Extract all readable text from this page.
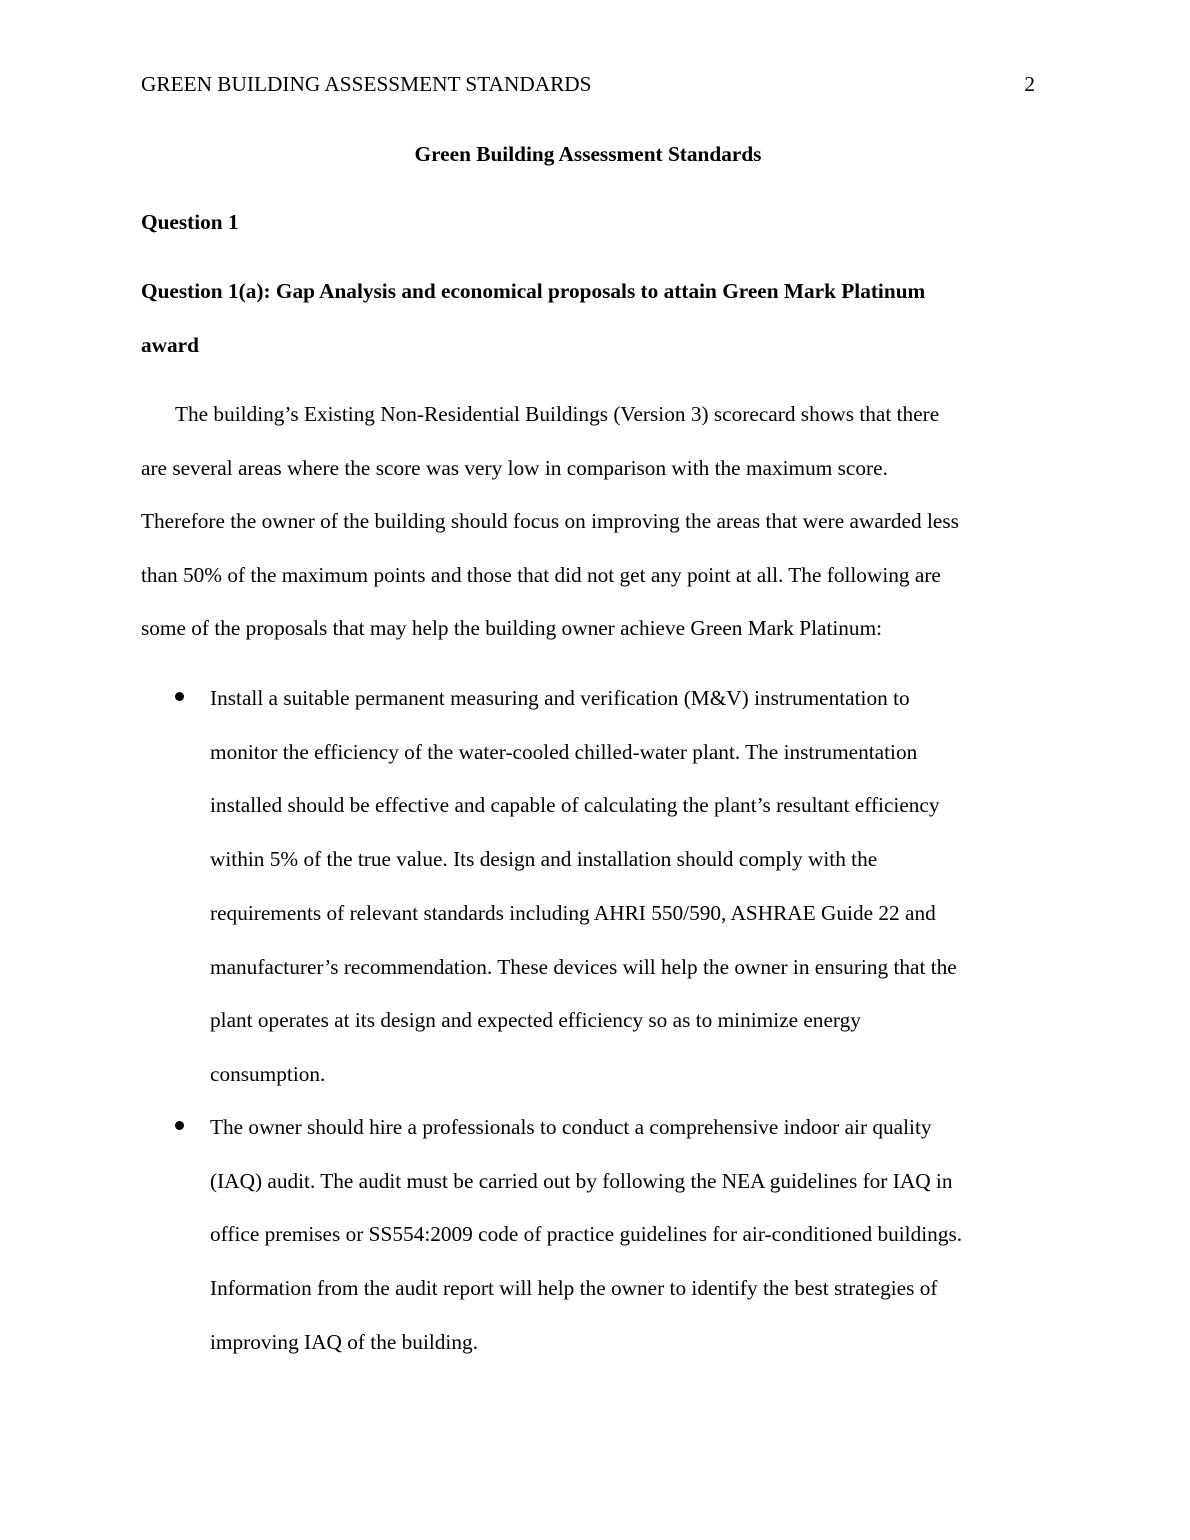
GREEN BUILDING ASSESSMENT STANDARDS	2
Green Building Assessment Standards
Question 1
Question 1(a): Gap Analysis and economical proposals to attain Green Mark Platinum
award

The building’s Existing Non-Residential Buildings (Version 3) scorecard shows that there
are several areas where the score was very low in comparison with the maximum score.
Therefore the owner of the building should focus on improving the areas that were awarded less
than 50% of the maximum points and those that did not get any point at all. The following are
some of the proposals that may help the building owner achieve Green Mark Platinum:

Install a suitable permanent measuring and verification (M&V) instrumentation to
monitor the efficiency of the water-cooled chilled-water plant. The instrumentation
installed should be effective and capable of calculating the plant’s resultant efficiency
within 5% of the true value. Its design and installation should comply with the
requirements of relevant standards including AHRI 550/590, ASHRAE Guide 22 and
manufacturer’s recommendation. These devices will help the owner in ensuring that the
plant operates at its design and expected efficiency so as to minimize energy
consumption.
The owner should hire a professionals to conduct a comprehensive indoor air quality
(IAQ) audit. The audit must be carried out by following the NEA guidelines for IAQ in
office premises or SS554:2009 code of practice guidelines for air-conditioned buildings.
Information from the audit report will help the owner to identify the best strategies of
improving IAQ of the building.
